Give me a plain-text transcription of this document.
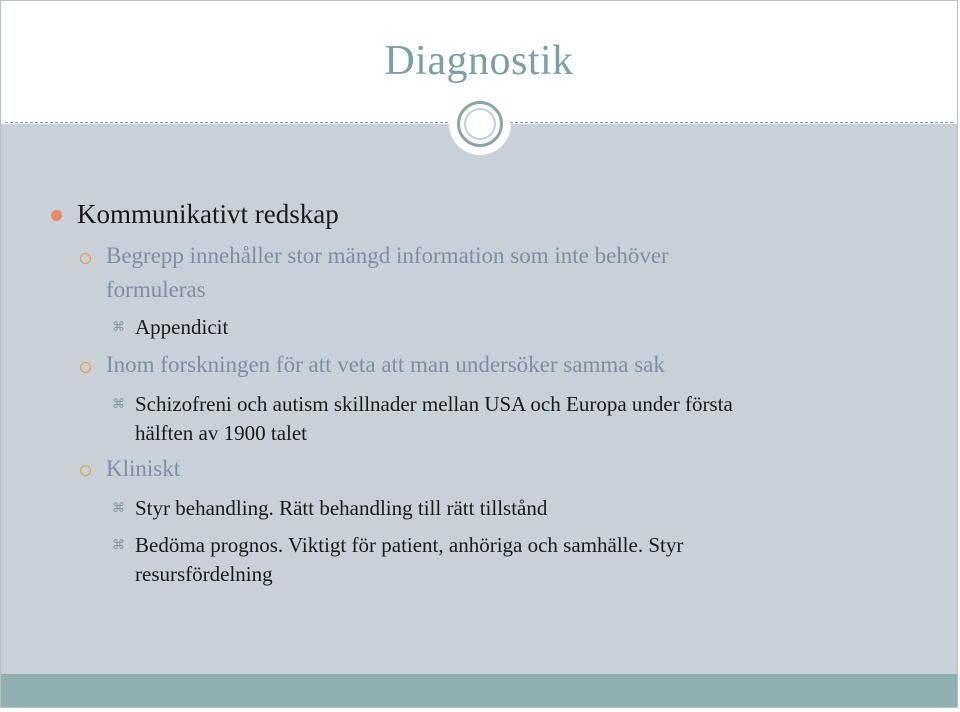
Diagnostik
Kommunikativt redskap
Begrepp innehåller stor mängd information som inte behöver
formuleras
⌘ Appendicit
Inom forskningen för att veta att man undersöker samma sak
⌘ Schizofreni och autism skillnader mellan USA och Europa under första
hälften av 1900 talet
Kliniskt
⌘ Styr behandling. Rätt behandling till rätt tillstånd
⌘ Bedöma prognos. Viktigt för patient, anhöriga och samhälle. Styr
resursfördelning
